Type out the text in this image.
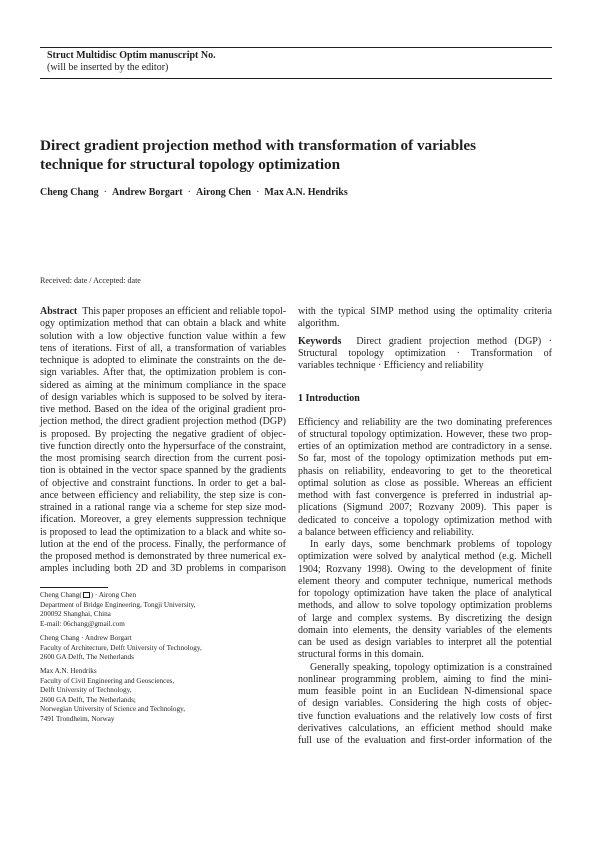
Struct Multidisc Optim manuscript No.
(will be inserted by the editor)
Direct gradient projection method with transformation of variables
technique for structural topology optimization
Cheng Chang · Andrew Borgart · Airong Chen · Max A.N. Hendriks
Received: date / Accepted: date
Abstract This paper proposes an efficient and reliable topol-
ogy optimization method that can obtain a black and white
solution with a low objective function value within a few
tens of iterations. First of all, a transformation of variables
technique is adopted to eliminate the constraints on the de-
sign variables. After that, the optimization problem is con-
sidered as aiming at the minimum compliance in the space
of design variables which is supposed to be solved by itera-
tive method. Based on the idea of the original gradient pro-
jection method, the direct gradient projection method (DGP)
is proposed. By projecting the negative gradient of objec-
tive function directly onto the hypersurface of the constraint,
the most promising search direction from the current posi-
tion is obtained in the vector space spanned by the gradients
of objective and constraint functions. In order to get a bal-
ance between efficiency and reliability, the step size is con-
strained in a rational range via a scheme for step size mod-
ification. Moreover, a grey elements suppression technique
is proposed to lead the optimization to a black and white so-
lution at the end of the process. Finally, the performance of
the proposed method is demonstrated by three numerical ex-
amples including both 2D and 3D problems in comparison
Cheng Chang( ) · Airong Chen
Department of Bridge Engineering, Tongji University,
200092 Shanghai, China
E-mail: 06chang@gmail.com
Cheng Chang · Andrew Borgart
Faculty of Architecture, Delft University of Technology,
2600 GA Delft, The Netherlands
Max A.N. Hendriks
Faculty of Civil Engineering and Geosciences,
Delft University of Technology,
2600 GA Delft, The Netherlands;
Norwegian University of Science and Technology,
7491 Trondheim, Norway
with the typical SIMP method using the optimality criteria
algorithm.
Keywords Direct gradient projection method (DGP) ·
Structural topology optimization · Transformation of
variables technique · Efficiency and reliability
1 Introduction
Efficiency and reliability are the two dominating preferences
of structural topology optimization. However, these two prop-
erties of an optimization method are contradictory in a sense.
So far, most of the topology optimization methods put em-
phasis on reliability, endeavoring to get to the theoretical
optimal solution as close as possible. Whereas an efficient
method with fast convergence is preferred in industrial ap-
plications (Sigmund 2007; Rozvany 2009). This paper is
dedicated to conceive a topology optimization method with
a balance between efficiency and reliability.
In early days, some benchmark problems of topology
optimization were solved by analytical method (e.g. Michell
1904; Rozvany 1998). Owing to the development of finite
element theory and computer technique, numerical methods
for topology optimization have taken the place of analytical
methods, and allow to solve topology optimization problems
of large and complex systems. By discretizing the design
domain into elements, the density variables of the elements
can be used as design variables to interpret all the potential
structural forms in this domain.
Generally speaking, topology optimization is a constrained
nonlinear programming problem, aiming to find the mini-
mum feasible point in an Euclidean N-dimensional space
of design variables. Considering the high costs of objec-
tive function evaluations and the relatively low costs of first
derivatives calculations, an efficient method should make
full use of the evaluation and first-order information of the
